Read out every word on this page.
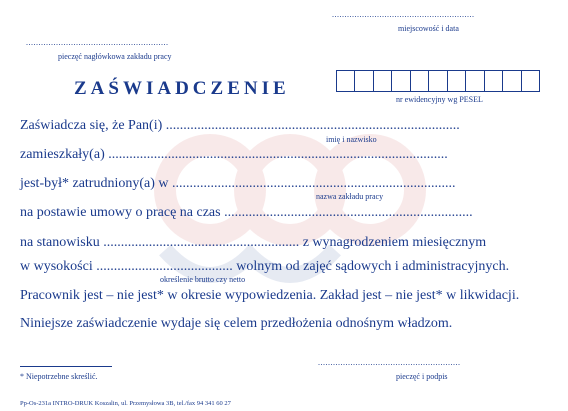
.........................................................
miejscowość i data
.........................................................
pieczęć nagłówkowa zakładu pracy
ZAŚWIADCZENIE
nr ewidencyjny wg PESEL
Zaświadcza się, że Pan(i) ....................................................................................
imię i nazwisko
zamieszkały(a) .................................................................................................
jest-był* zatrudniony(a) w .................................................................................
nazwa zakładu pracy
na postawie umowy o pracę na czas .......................................................................
na stanowisku ........................................................ z wynagrodzeniem miesięcznym
w wysokości ....................................... wolnym od zajęć sądowych i administracyjnych.
określenie brutto czy netto
Pracownik jest – nie jest* w okresie wypowiedzenia. Zakład jest – nie jest* w likwidacji.
Niniejsze zaświadczenie wydaje się celem przedłożenia odnośnym władzom.
* Niepotrzebne skreślić.
.........................................................
pieczęć i podpis
Pp-Os-231a INTRO-DRUK Koszalin, ul. Przemysłowa 3B, tel./fax 94 341 60 27
